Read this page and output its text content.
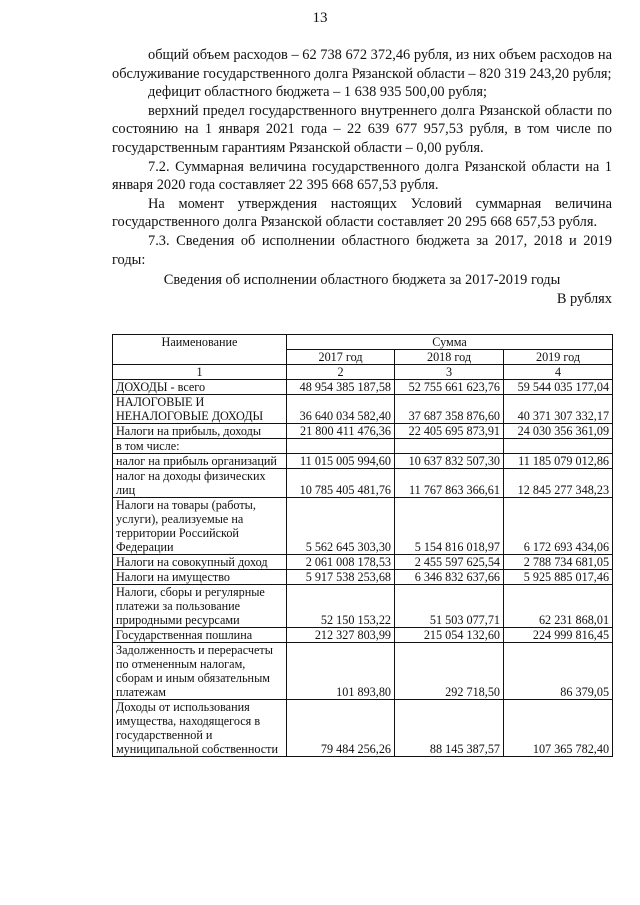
13

общий объем расходов – 62 738 672 372,46 рубля, из них объем расходов на обслуживание государственного долга Рязанской области – 820 319 243,20 рубля;

дефицит областного бюджета – 1 638 935 500,00 рубля;

верхний предел государственного внутреннего долга Рязанской области по состоянию на 1 января 2021 года – 22 639 677 957,53 рубля, в том числе по государственным гарантиям Рязанской области – 0,00 рубля.

7.2. Суммарная величина государственного долга Рязанской области на 1 января 2020 года составляет 22 395 668 657,53 рубля.

На момент утверждения настоящих Условий суммарная величина государственного долга Рязанской области составляет 20 295 668 657,53 рубля.

7.3. Сведения об исполнении областного бюджета за 2017, 2018 и 2019 годы:

Сведения об исполнении областного бюджета за 2017-2019 годы

В рублях

Наименование	Сумма		
	2017 год	2018 год	2019 год
1	2	3	4
ДОХОДЫ - всего	48 954 385 187,58	52 755 661 623,76	59 544 035 177,04
НАЛОГОВЫЕ И НЕНАЛОГОВЫЕ ДОХОДЫ	36 640 034 582,40	37 687 358 876,60	40 371 307 332,17
Налоги на прибыль, доходы	21 800 411 476,36	22 405 695 873,91	24 030 356 361,09
в том числе:			
налог на прибыль организаций	11 015 005 994,60	10 637 832 507,30	11 185 079 012,86
налог на доходы физических лиц	10 785 405 481,76	11 767 863 366,61	12 845 277 348,23
Налоги на товары (работы, услуги), реализуемые на территории Российской Федерации	5 562 645 303,30	5 154 816 018,97	6 172 693 434,06
Налоги на совокупный доход	2 061 008 178,53	2 455 597 625,54	2 788 734 681,05
Налоги на имущество	5 917 538 253,68	6 346 832 637,66	5 925 885 017,46
Налоги, сборы и регулярные платежи за пользование природными ресурсами	52 150 153,22	51 503 077,71	62 231 868,01
Государственная пошлина	212 327 803,99	215 054 132,60	224 999 816,45
Задолженность и перерасчеты по отмененным налогам, сборам и иным обязательным платежам	101 893,80	292 718,50	86 379,05
Доходы от использования имущества, находящегося в государственной и муниципальной собственности	79 484 256,26	88 145 387,57	107 365 782,40
